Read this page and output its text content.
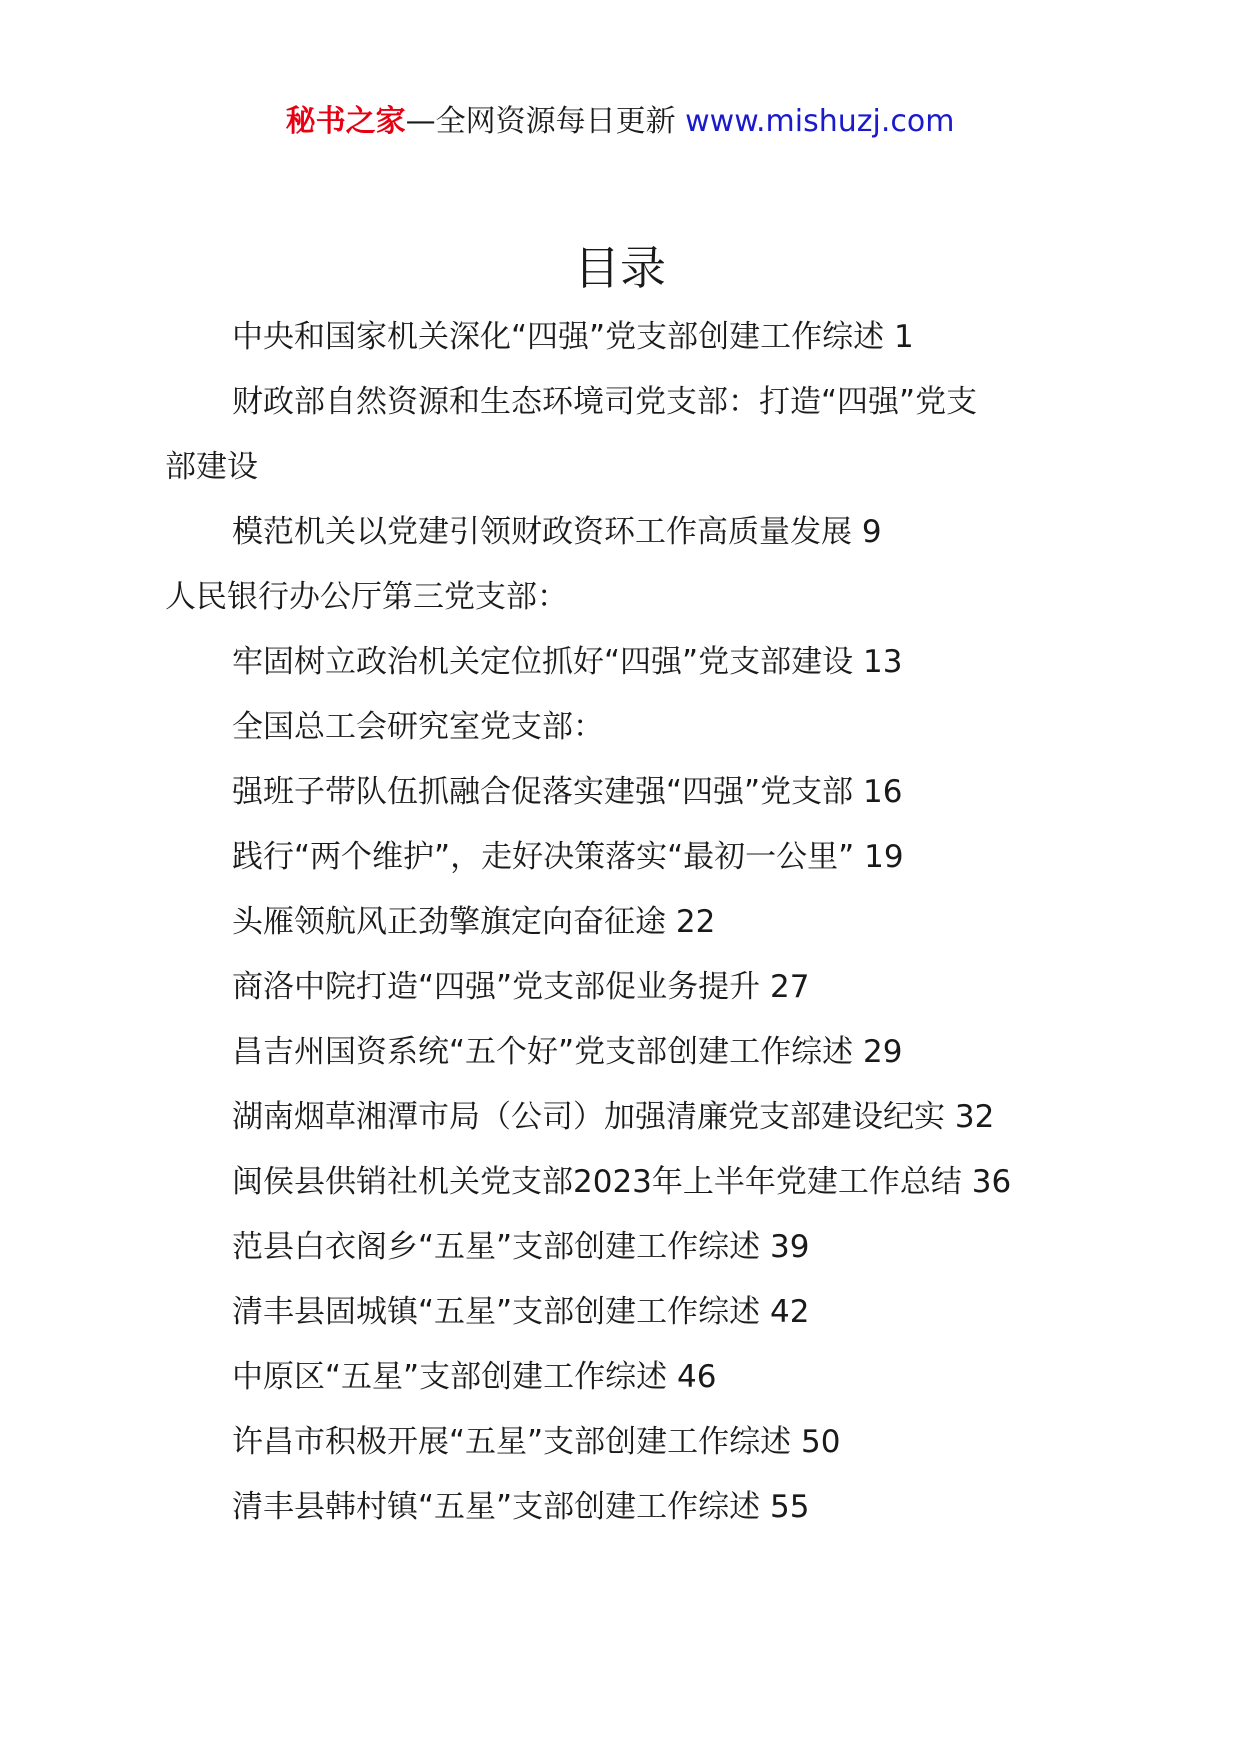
秘书之家—全网资源每日更新 www.mishuzj.com
目录
中央和国家机关深化“四强”党支部创建工作综述 1
财政部自然资源和生态环境司党支部：打造“四强”党支
部建设
模范机关以党建引领财政资环工作高质量发展 9
人民银行办公厅第三党支部：
牢固树立政治机关定位抓好“四强”党支部建设 13
全国总工会研究室党支部：
强班子带队伍抓融合促落实建强“四强”党支部 16
践行“两个维护”，走好决策落实“最初一公里” 19
头雁领航风正劲擎旗定向奋征途 22
商洛中院打造“四强”党支部促业务提升 27
昌吉州国资系统“五个好”党支部创建工作综述 29
湖南烟草湘潭市局（公司）加强清廉党支部建设纪实 32
闽侯县供销社机关党支部2023年上半年党建工作总结 36
范县白衣阁乡“五星”支部创建工作综述 39
清丰县固城镇“五星”支部创建工作综述 42
中原区“五星”支部创建工作综述 46
许昌市积极开展“五星”支部创建工作综述 50
清丰县韩村镇“五星”支部创建工作综述 55
